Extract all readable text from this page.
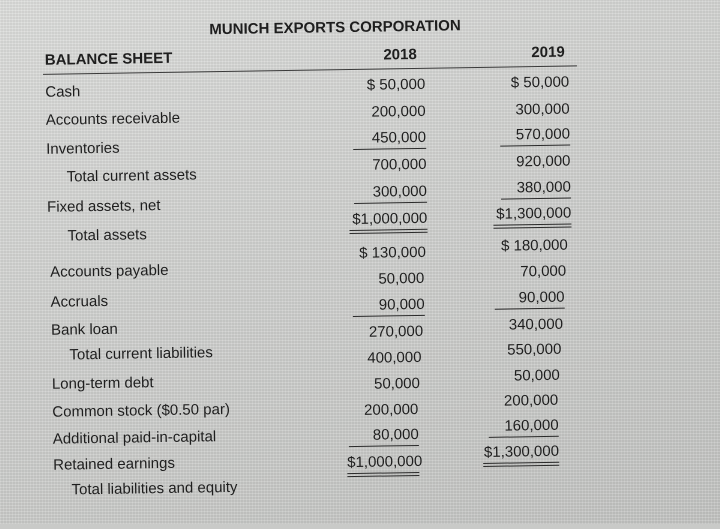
MUNICH EXPORTS CORPORATION
BALANCE SHEET	2018	2019
Cash
Accounts receivable
Inventories
Total current assets
Fixed assets, net
Total assets
Accounts payable
Accruals
Bank loan
Total current liabilities
Long-term debt
Common stock ($0.50 par)
Additional paid-in-capital
Retained earnings
Total liabilities and equity
$ 50,000
200,000
450,000
700,000
300,000
$1,000,000
$ 130,000
50,000
90,000
270,000
400,000
50,000
200,000
80,000
$1,000,000
$ 50,000
300,000
570,000
920,000
380,000
$1,300,000
$ 180,000
70,000
90,000
340,000
550,000
50,000
200,000
160,000
$1,300,000
